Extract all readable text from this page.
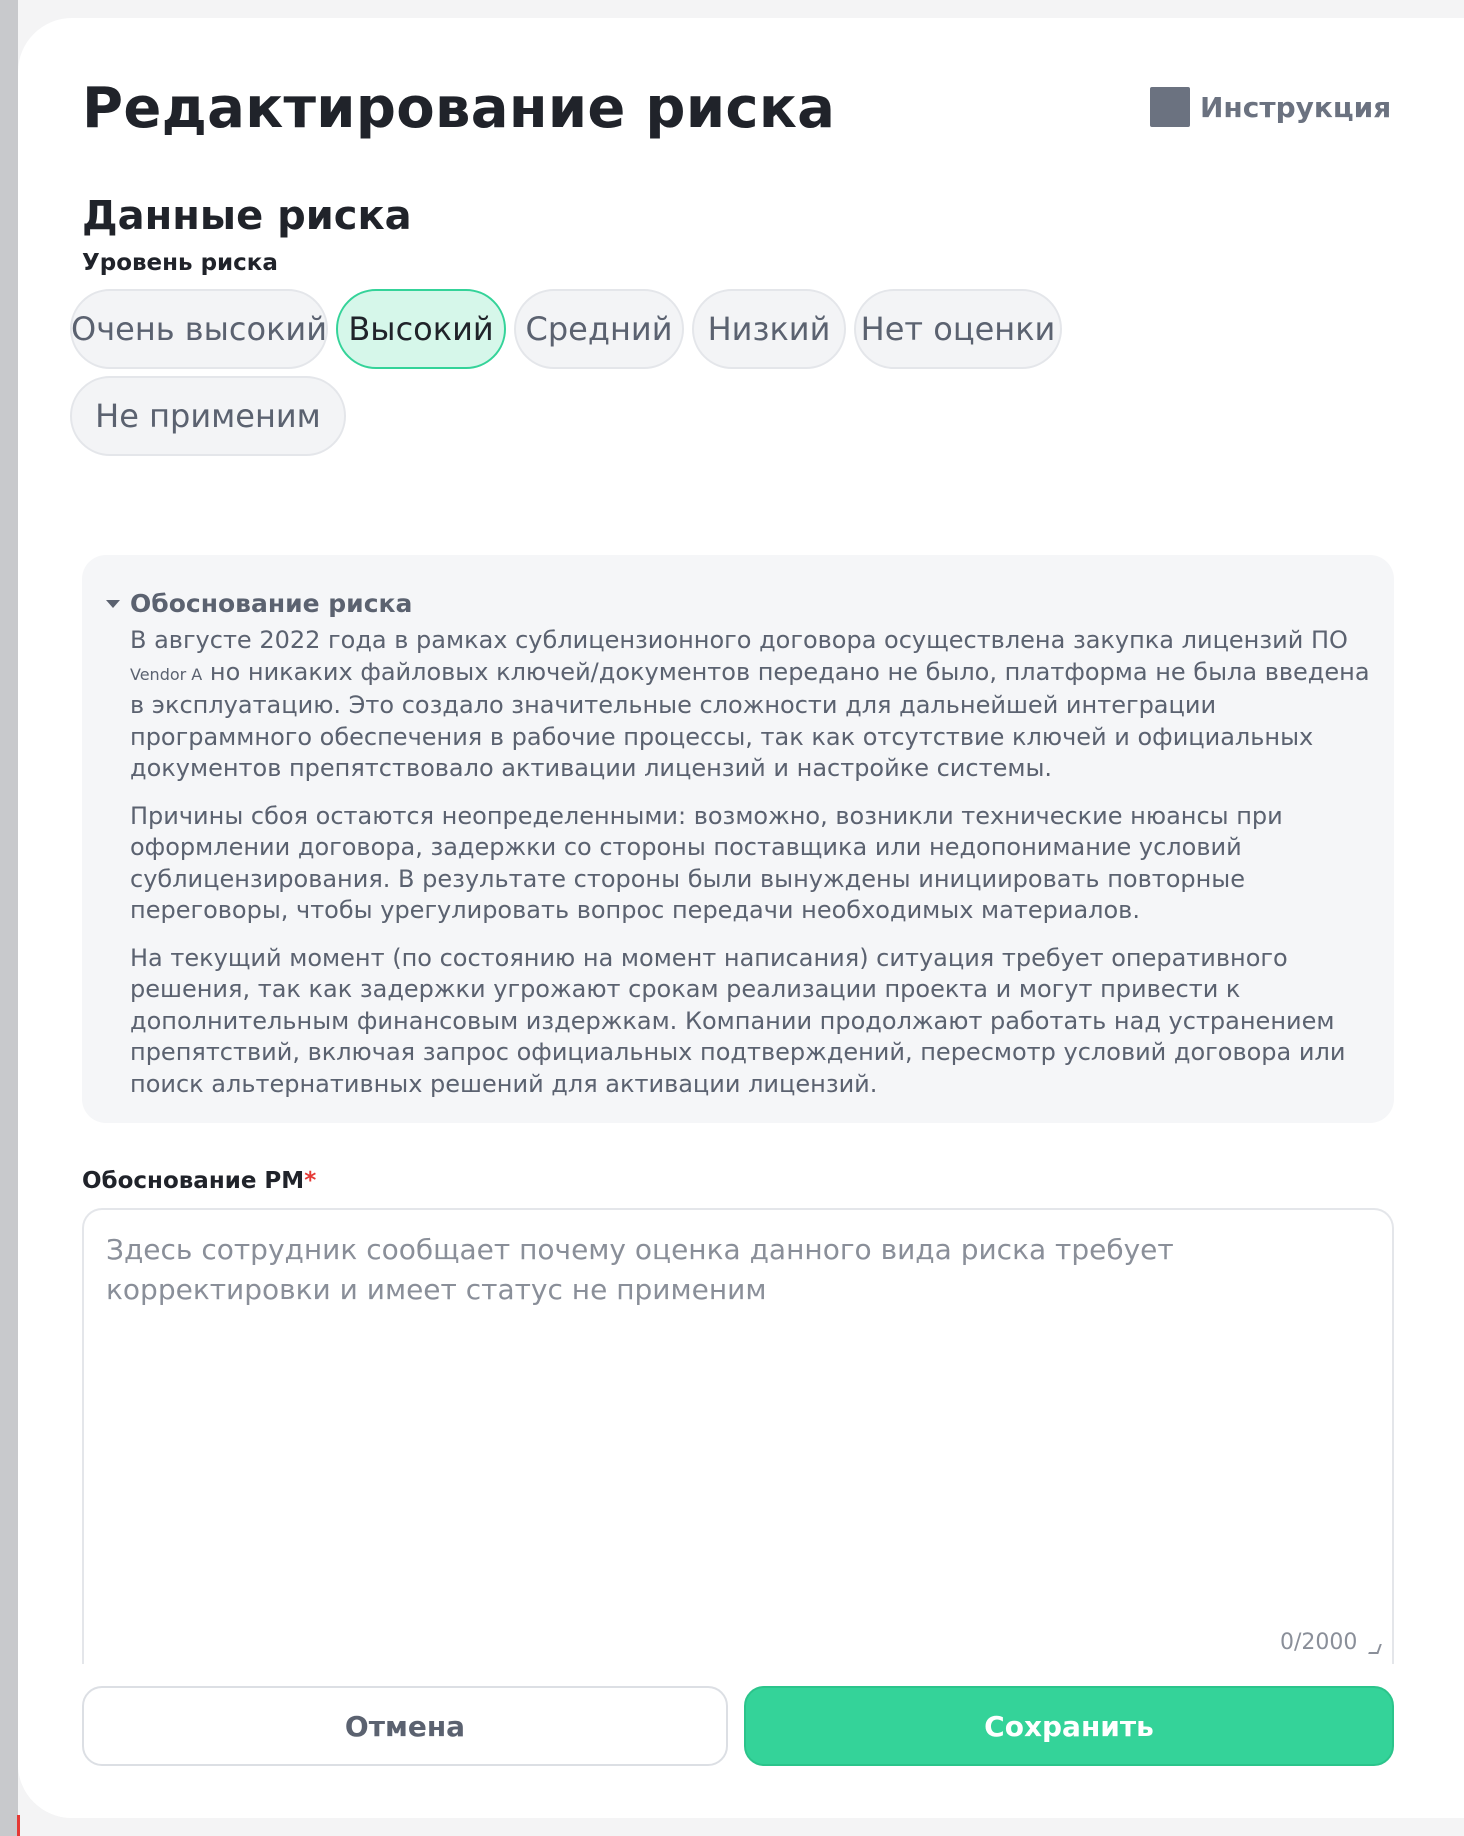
Редактирование риска	Инструкция
Данные риска
Уровень риска
Очень высокий Высокий Средний	Низкий Нет оценки
Не применим
Обоснование риска

В августе 2022 года в рамках сублицензионного договора осуществлена закупка лицензий ПО Vendor A но никаких файловых ключей/документов передано не было, платформа не была введена в эксплуатацию. Это создало значительные сложности для дальнейшей интеграции программного обеспечения в рабочие процессы, так как отсутствие ключей и официальных документов препятствовало активации лицензий и настройке системы.

Причины сбоя остаются неопределенными: возможно, возникли технические нюансы при оформлении договора, задержки со стороны поставщика или недопонимание условий сублицензирования. В результате стороны были вынуждены инициировать повторные переговоры, чтобы урегулировать вопрос передачи необходимых материалов.

На текущий момент (по состоянию на момент написания) ситуация требует оперативного решения, так как задержки угрожают срокам реализации проекта и могут привести к дополнительным финансовым издержкам. Компании продолжают работать над устранением препятствий, включая запрос официальных подтверждений, пересмотр условий договора или поиск альтернативных решений для активации лицензий.

Обоснование РМ*
Здесь сотрудник сообщает почему оценка данного вида риска требует корректировки и имеет статус не применим
0/2000
Отмена	Сохранить
